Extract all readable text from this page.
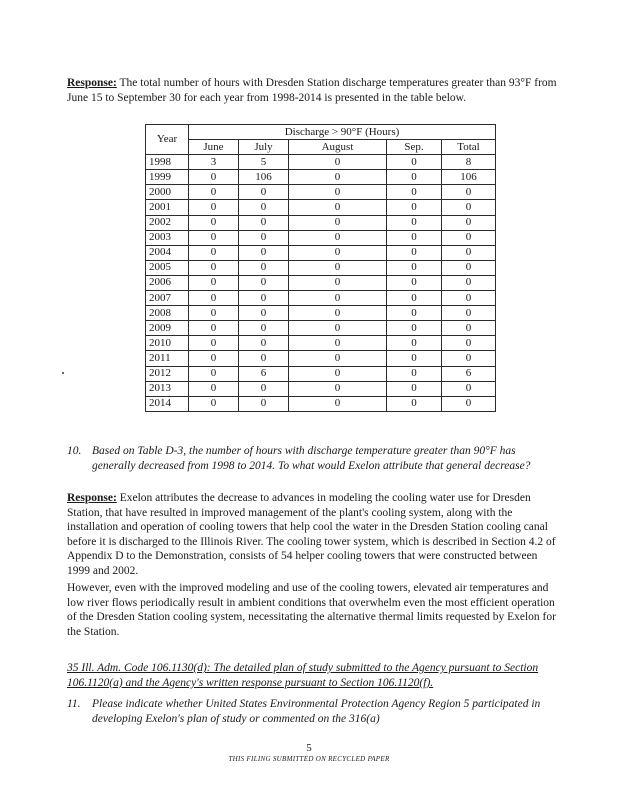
Response: The total number of hours with Dresden Station discharge temperatures greater than 93°F from June 15 to September 30 for each year from 1998-2014 is presented in the table below.
Year	Discharge > 90°F (Hours)				
	June	July	August	Sep.	Total
1998	3	5	0	0	8
1999	0	106	0	0	106
2000	0	0	0	0	0
2001	0	0	0	0	0
2002	0	0	0	0	0
2003	0	0	0	0	0
2004	0	0	0	0	0
2005	0	0	0	0	0
2006	0	0	0	0	0
2007	0	0	0	0	0
2008	0	0	0	0	0
2009	0	0	0	0	0
2010	0	0	0	0	0
2011	0	0	0	0	0
2012	0	6	0	0	6
2013	0	0	0	0	0
2014	0	0	0	0	0
10. Based on Table D-3, the number of hours with discharge temperature greater than 90°F has generally decreased from 1998 to 2014. To what would Exelon attribute that general decrease?
Response: Exelon attributes the decrease to advances in modeling the cooling water use for Dresden Station, that have resulted in improved management of the plant's cooling system, along with the installation and operation of cooling towers that help cool the water in the Dresden Station cooling canal before it is discharged to the Illinois River. The cooling tower system, which is described in Section 4.2 of Appendix D to the Demonstration, consists of 54 helper cooling towers that were constructed between 1999 and 2002.
However, even with the improved modeling and use of the cooling towers, elevated air temperatures and low river flows periodically result in ambient conditions that overwhelm even the most efficient operation of the Dresden Station cooling system, necessitating the alternative thermal limits requested by Exelon for the Station.
35 Ill. Adm. Code 106.1130(d): The detailed plan of study submitted to the Agency pursuant to Section 106.1120(a) and the Agency's written response pursuant to Section 106.1120(f).
11. Please indicate whether United States Environmental Protection Agency Region 5 participated in developing Exelon's plan of study or commented on the 316(a)
5
THIS FILING SUBMITTED ON RECYCLED PAPER
